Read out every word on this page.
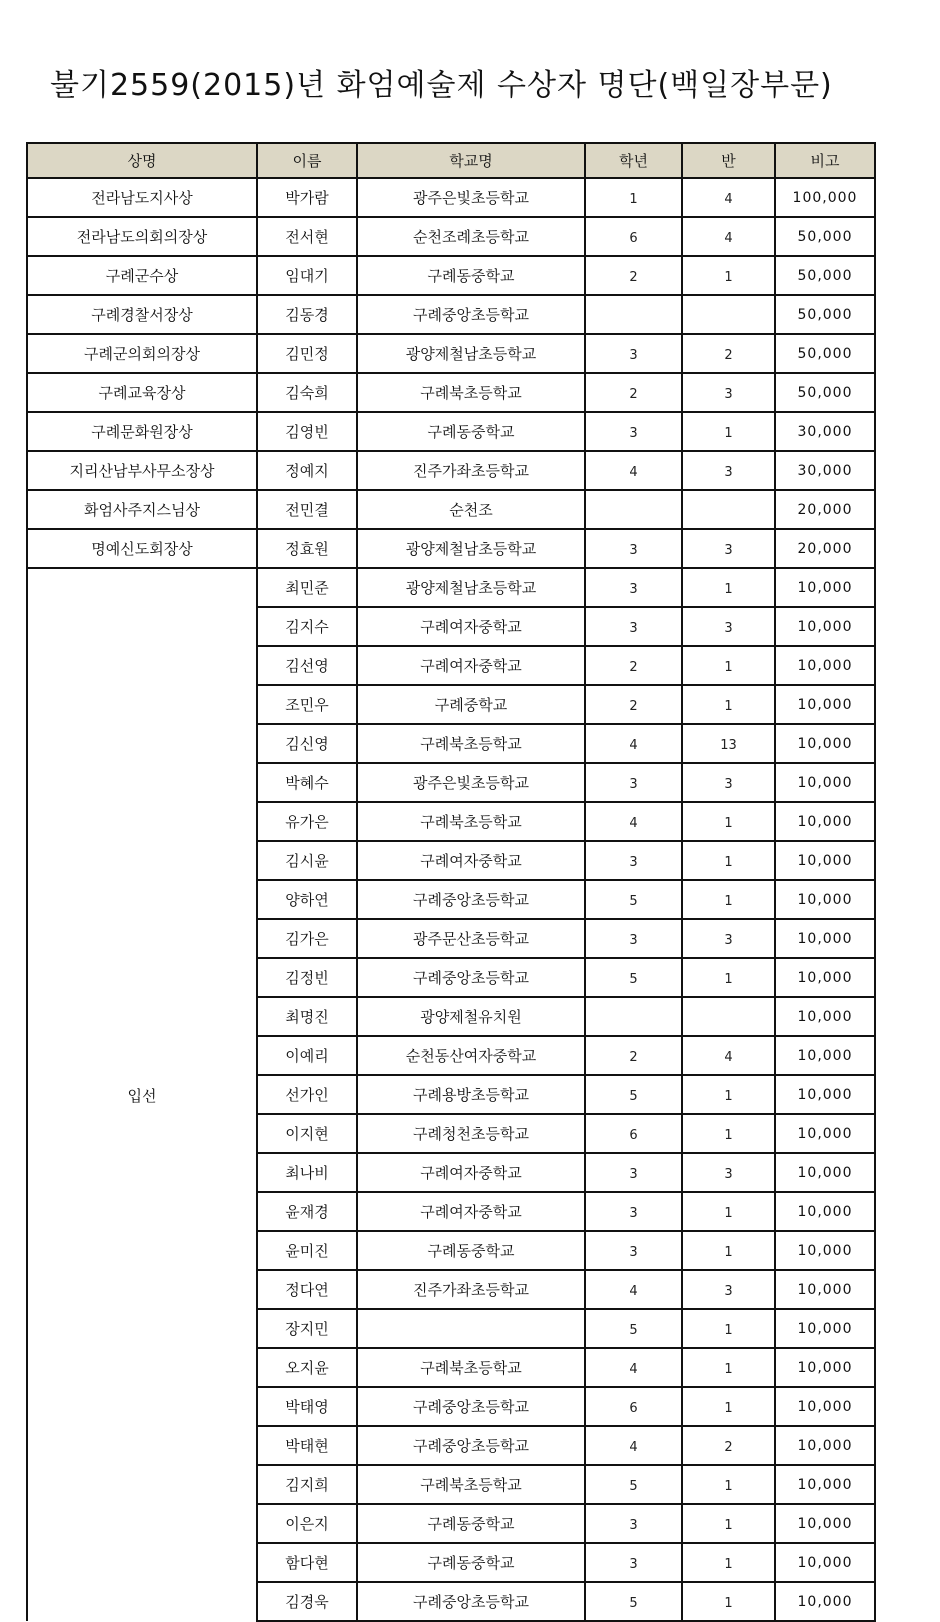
불기2559(2015)년 화엄예술제 수상자 명단(백일장부문)
상명	이름	학교명	학년	반	비고
전라남도지사상	박가람	광주은빛초등학교	1	4	100,000
전라남도의회의장상	전서현	순천조례초등학교	6	4	50,000
구례군수상	임대기	구례동중학교	2	1	50,000
구례경찰서장상	김동경	구례중앙초등학교			50,000
구례군의회의장상	김민정	광양제철남초등학교	3	2	50,000
구례교육장상	김숙희	구례북초등학교	2	3	50,000
구례문화원장상	김영빈	구례동중학교	3	1	30,000
지리산남부사무소장상	정예지	진주가좌초등학교	4	3	30,000
화엄사주지스님상	전민결	순천조			20,000
명예신도회장상	정효원	광양제철남초등학교	3	3	20,000
입선	최민준	광양제철남초등학교	3	1	10,000
	김지수	구례여자중학교	3	3	10,000
	김선영	구례여자중학교	2	1	10,000
	조민우	구례중학교	2	1	10,000
	김신영	구례북초등학교	4	13	10,000
	박혜수	광주은빛초등학교	3	3	10,000
	유가은	구례북초등학교	4	1	10,000
	김시윤	구례여자중학교	3	1	10,000
	양하연	구례중앙초등학교	5	1	10,000
	김가은	광주문산초등학교	3	3	10,000
	김정빈	구례중앙초등학교	5	1	10,000
	최명진	광양제철유치원			10,000
	이예리	순천동산여자중학교	2	4	10,000
	선가인	구례용방초등학교	5	1	10,000
	이지현	구례청천초등학교	6	1	10,000
	최나비	구례여자중학교	3	3	10,000
	윤재경	구례여자중학교	3	1	10,000
	윤미진	구례동중학교	3	1	10,000
	정다연	진주가좌초등학교	4	3	10,000
	장지민		5	1	10,000
	오지윤	구례북초등학교	4	1	10,000
	박태영	구례중앙초등학교	6	1	10,000
	박태현	구례중앙초등학교	4	2	10,000
	김지희	구례북초등학교	5	1	10,000
	이은지	구례동중학교	3	1	10,000
	함다현	구례동중학교	3	1	10,000
	김경욱	구례중앙초등학교	5	1	10,000
